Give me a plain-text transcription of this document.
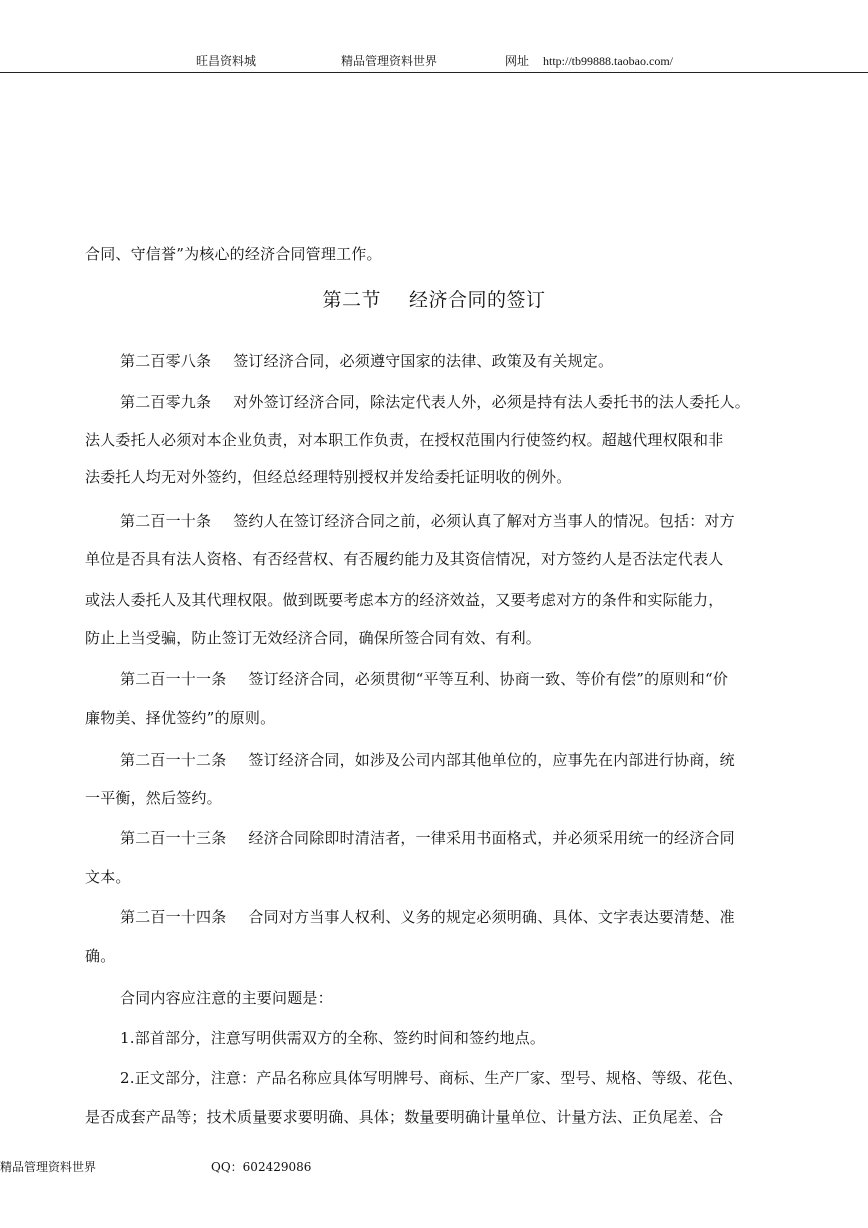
旺昌资料城	精品管理资料世界	网址 http://tb99888.taobao.com/
合同、守信誉”为核心的经济合同管理工作。
第二节 经济合同的签订
第二百零八条 签订经济合同，必须遵守国家的法律、政策及有关规定。
第二百零九条 对外签订经济合同，除法定代表人外，必须是持有法人委托书的法人委托人。
法人委托人必须对本企业负责，对本职工作负责，在授权范围内行使签约权。超越代理权限和非
法委托人均无对外签约，但经总经理特别授权并发给委托证明收的例外。
第二百一十条 签约人在签订经济合同之前，必须认真了解对方当事人的情况。包括：对方
单位是否具有法人资格、有否经营权、有否履约能力及其资信情况，对方签约人是否法定代表人
或法人委托人及其代理权限。做到既要考虑本方的经济效益，又要考虑对方的条件和实际能力，
防止上当受骗，防止签订无效经济合同，确保所签合同有效、有利。
第二百一十一条 签订经济合同，必须贯彻“平等互利、协商一致、等价有偿”的原则和“价
廉物美、择优签约”的原则。
第二百一十二条 签订经济合同，如涉及公司内部其他单位的，应事先在内部进行协商，统
一平衡，然后签约。
第二百一十三条 经济合同除即时清洁者，一律采用书面格式，并必须采用统一的经济合同
文本。
第二百一十四条 合同对方当事人权利、义务的规定必须明确、具体、文字表达要清楚、准
确。
合同内容应注意的主要问题是：
1.部首部分，注意写明供需双方的全称、签约时间和签约地点。
2.正文部分，注意：产品名称应具体写明牌号、商标、生产厂家、型号、规格、等级、花色、
是否成套产品等；技术质量要求要明确、具体；数量要明确计量单位、计量方法、正负尾差、合
精品管理资料世界	QQ：602429086
